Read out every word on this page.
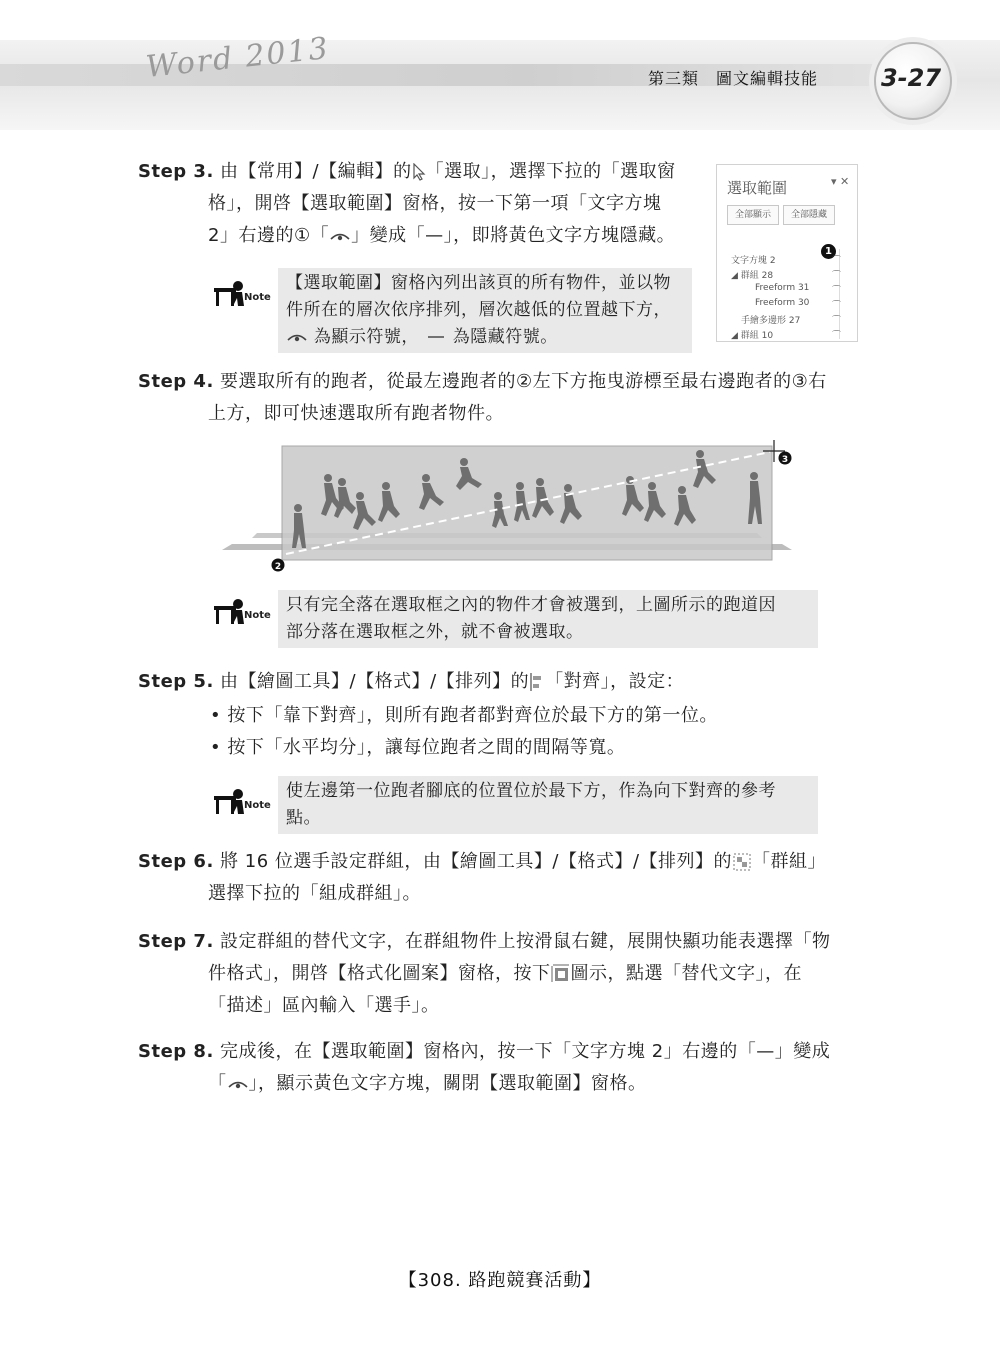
Word 2013	第三類　圖文編輯技能	3-27
Step 3. 由【常用】/【編輯】的 「選取」，選擇下拉的「選取窗
格」，開啓【選取範圍】窗格，按一下第一項「文字方塊
2」右邊的①「 」變成「—」，即將黃色文字方塊隱藏。
Note
【選取範圍】窗格內列出該頁的所有物件，並以物
件所在的層次依序排列，層次越低的位置越下方，
為顯示符號， 為隱藏符號。
選取範圍	▾ ✕
全部顯示	全部隱藏
1
文字方塊 2	⌒
◢ 群組 28	⌒
Freeform 31	⌒
Freeform 30	⌒
手繪多邊形 27	⌒
◢ 群組 10	⌒
Step 4. 要選取所有的跑者，從最左邊跑者的②左下方拖曳游標至最右邊跑者的③右
上方，即可快速選取所有跑者物件。
2
3
Note
只有完全落在選取框之內的物件才會被選到，上圖所示的跑道因
部分落在選取框之外，就不會被選取。
Step 5. 由【繪圖工具】/【格式】/【排列】的 「對齊」，設定：
• 按下「靠下對齊」，則所有跑者都對齊位於最下方的第一位。
• 按下「水平均分」，讓每位跑者之間的間隔等寬。
Note
使左邊第一位跑者腳底的位置位於最下方，作為向下對齊的參考
點。
Step 6. 將 16 位選手設定群組，由【繪圖工具】/【格式】/【排列】的 「群組」
選擇下拉的「組成群組」。
Step 7. 設定群組的替代文字，在群組物件上按滑鼠右鍵，展開快顯功能表選擇「物
件格式」，開啓【格式化圖案】窗格，按下 圖示，點選「替代文字」，在
「描述」區內輸入「選手」。
Step 8. 完成後，在【選取範圍】窗格內，按一下「文字方塊 2」右邊的「—」變成
「 」，顯示黃色文字方塊，關閉【選取範圍】窗格。
【308. 路跑競賽活動】
